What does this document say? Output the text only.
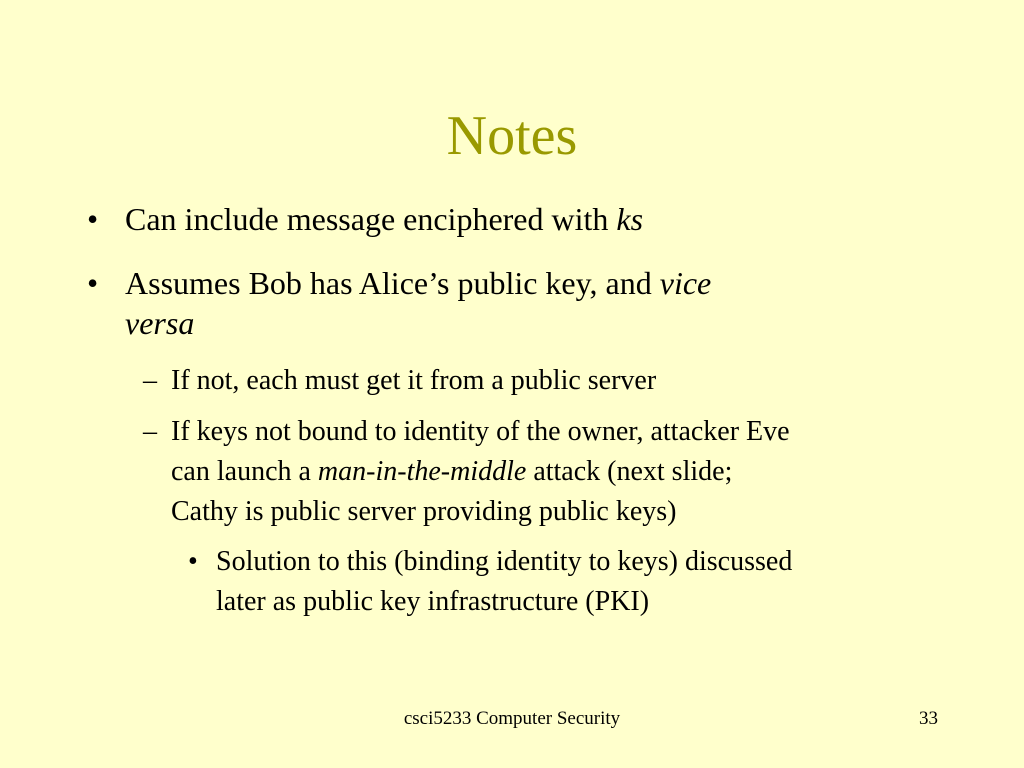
Notes
• Can include message enciphered with ks
• Assumes Bob has Alice’s public key, and vice
versa
– If not, each must get it from a public server
– If keys not bound to identity of the owner, attacker Eve
can launch a man-in-the-middle attack (next slide;
Cathy is public server providing public keys)
• Solution to this (binding identity to keys) discussed
later as public key infrastructure (PKI)
csci5233 Computer Security	33
